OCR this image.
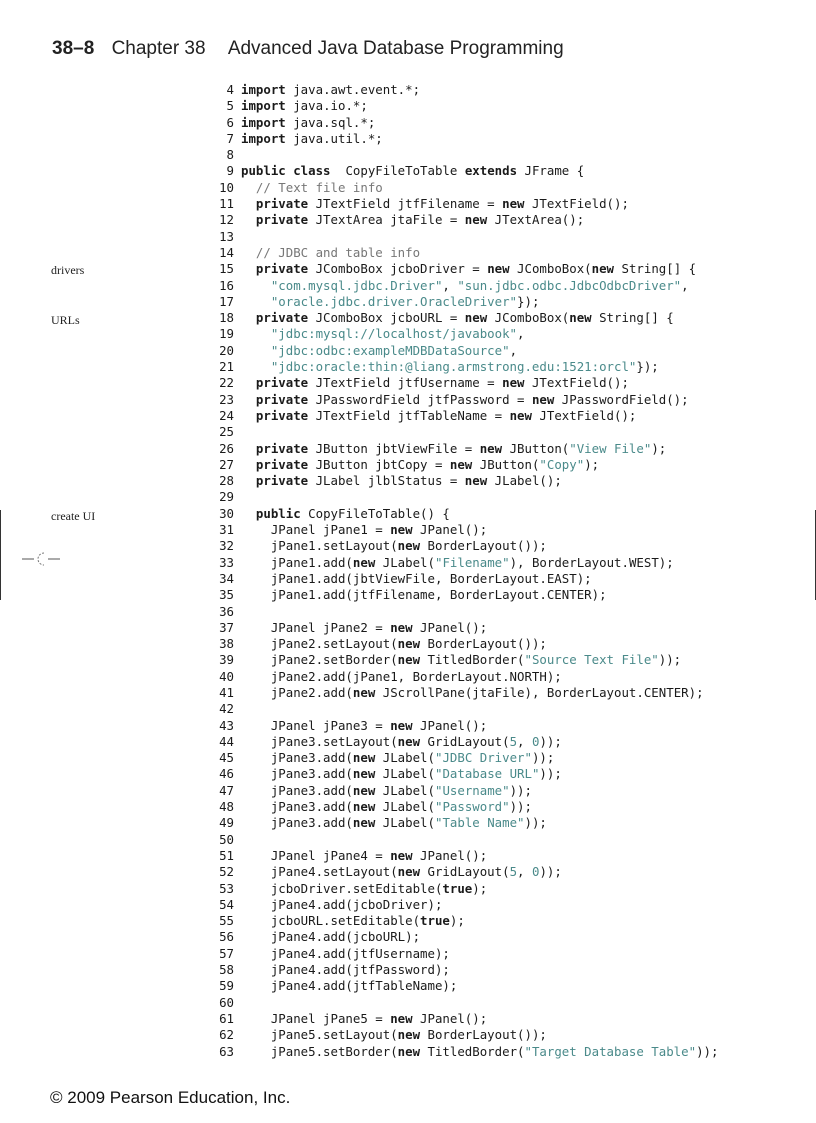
38–8 Chapter 38 Advanced Java Database Programming
drivers
URLs
create UI
4 import java.awt.event.*;
5 import java.io.*;
6 import java.sql.*;
7 import java.util.*;
8
9 public class  CopyFileToTable extends JFrame {
10 // Text file info
11 private JTextField jtfFilename = new JTextField();
12 private JTextArea jtaFile = new JTextArea();
13
14 // JDBC and table info
15 private JComboBox jcboDriver = new JComboBox(new String[] {
16	"com.mysql.jdbc.Driver", "sun.jdbc.odbc.JdbcOdbcDriver",
17	"oracle.jdbc.driver.OracleDriver"});
18 private JComboBox jcboURL = new JComboBox(new String[] {
19	"jdbc:mysql://localhost/javabook",
20	"jdbc:odbc:exampleMDBDataSource",
21	"jdbc:oracle:thin:@liang.armstrong.edu:1521:orcl"});
22 private JTextField jtfUsername = new JTextField();
23 private JPasswordField jtfPassword = new JPasswordField();
24 private JTextField jtfTableName = new JTextField();
25
26 private JButton jbtViewFile = new JButton("View File");
27 private JButton jbtCopy = new JButton("Copy");
28 private JLabel jlblStatus = new JLabel();
29
30 public CopyFileToTable() {
31 JPanel jPane1 = new JPanel();
32 jPane1.setLayout(new BorderLayout());
33 jPane1.add(new JLabel("Filename"), BorderLayout.WEST);
34 jPane1.add(jbtViewFile, BorderLayout.EAST);
35 jPane1.add(jtfFilename, BorderLayout.CENTER);
36
37 JPanel jPane2 = new JPanel();
38 jPane2.setLayout(new BorderLayout());
39 jPane2.setBorder(new TitledBorder("Source Text File"));
40 jPane2.add(jPane1, BorderLayout.NORTH);
41 jPane2.add(new JScrollPane(jtaFile), BorderLayout.CENTER);
42
43 JPanel jPane3 = new JPanel();
44 jPane3.setLayout(new GridLayout(5, 0));
45 jPane3.add(new JLabel("JDBC Driver"));
46 jPane3.add(new JLabel("Database URL"));
47 jPane3.add(new JLabel("Username"));
48 jPane3.add(new JLabel("Password"));
49 jPane3.add(new JLabel("Table Name"));
50
51 JPanel jPane4 = new JPanel();
52 jPane4.setLayout(new GridLayout(5, 0));
53 jcboDriver.setEditable(true);
54 jPane4.add(jcboDriver);
55 jcboURL.setEditable(true);
56 jPane4.add(jcboURL);
57 jPane4.add(jtfUsername);
58 jPane4.add(jtfPassword);
59 jPane4.add(jtfTableName);
60
61 JPanel jPane5 = new JPanel();
62 jPane5.setLayout(new BorderLayout());
63 jPane5.setBorder(new TitledBorder("Target Database Table"));
© 2009 Pearson Education, Inc.
